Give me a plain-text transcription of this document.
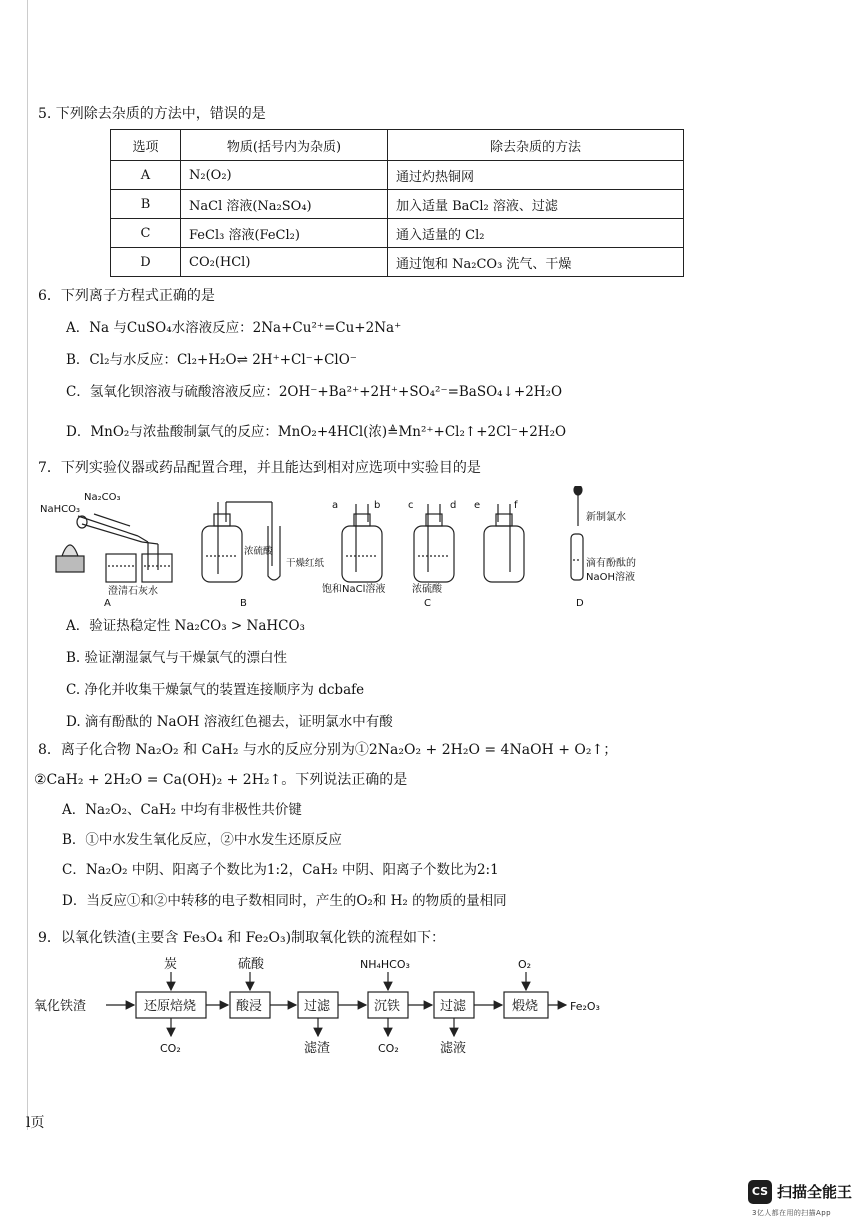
5. 下列除去杂质的方法中，错误的是
选项	物质(括号内为杂质)	除去杂质的方法
A	N₂(O₂)	通过灼热铜网
B	NaCl 溶液(Na₂SO₄)	加入适量 BaCl₂ 溶液、过滤
C	FeCl₃ 溶液(FeCl₂)	通入适量的 Cl₂
D	CO₂(HCl)	通过饱和 Na₂CO₃ 洗气、干燥
6．下列离子方程式正确的是
A．Na 与CuSO₄水溶液反应：2Na+Cu²⁺=Cu+2Na⁺
B．Cl₂与水反应：Cl₂+H₂O⇌ 2H⁺+Cl⁻+ClO⁻
C．氢氧化钡溶液与硫酸溶液反应：2OH⁻+Ba²⁺+2H⁺+SO₄²⁻=BaSO₄↓+2H₂O
D．MnO₂与浓盐酸制氯气的反应：MnO₂+4HCl(浓)≜Mn²⁺+Cl₂↑+2Cl⁻+2H₂O
7．下列实验仪器或药品配置合理，并且能达到相对应选项中实验目的是
Na₂CO₃
NaHCO₃
澄清石灰水
浓硫酸
干燥红纸
饱和NaCl溶液	浓硫酸
新制氯水
滴有酚酞的
NaOH溶液
a	b	c	d e	f
A	B	C	D
A．验证热稳定性 Na₂CO₃ > NaHCO₃
B. 验证潮湿氯气与干燥氯气的漂白性
C. 净化并收集干燥氯气的装置连接顺序为 dcbafe
D. 滴有酚酞的 NaOH 溶液红色褪去，证明氯水中有酸
8．离子化合物 Na₂O₂ 和 CaH₂ 与水的反应分别为①2Na₂O₂ + 2H₂O = 4NaOH + O₂↑；
②CaH₂ + 2H₂O = Ca(OH)₂ + 2H₂↑。下列说法正确的是
A．Na₂O₂、CaH₂ 中均有非极性共价键
B．①中水发生氧化反应，②中水发生还原反应
C．Na₂O₂ 中阴、阳离子个数比为1:2，CaH₂ 中阴、阳离子个数比为2:1
D．当反应①和②中转移的电子数相同时，产生的O₂和 H₂ 的物质的量相同
9．以氧化铁渣(主要含 Fe₃O₄ 和 Fe₂O₃)制取氧化铁的流程如下：
氧化铁渣	还原焙烧	酸浸	过滤	沉铁	过滤	煅烧
炭	硫酸	NH₄HCO₃	O₂
CO₂	滤渣	CO₂	滤液
Fe₂O₃
l页
CS 扫描全能王
3亿人都在用的扫描App
